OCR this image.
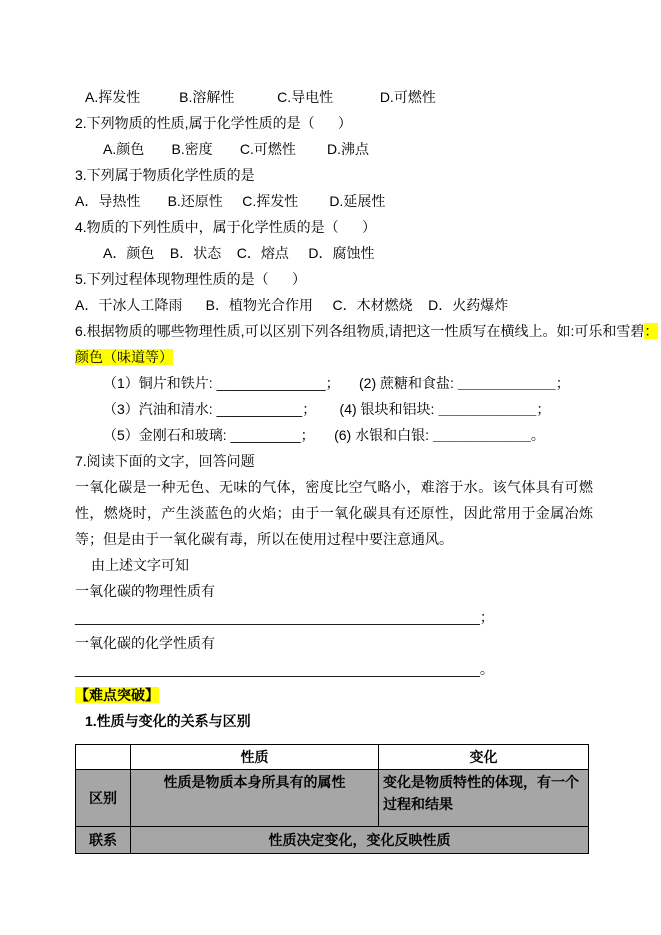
A.挥发性          B.溶解性           C.导电性            D.可燃性
2.下列物质的性质,属于化学性质的是（      ）
A.颜色       B.密度       C.可燃性        D.沸点
3.下列属于物质化学性质的是
A．导热性       B.还原性     C.挥发性        D.延展性
4.物质的下列性质中，属于化学性质的是（      ）
A．颜色    B．状态    C．熔点     D．腐蚀性
5.下列过程体现物理性质的是（      ）
A．干冰人工降雨      B．植物光合作用     C．木材燃烧    D．火药爆炸
6.根据物质的哪些物理性质,可以区别下列各组物质,请把这一性质写在横线上。如:可乐和雪碧：
颜色（味道等）
（1）铜片和铁片: ______________；     (2) 蔗糖和食盐: ＿＿＿＿＿＿＿；
（3）汽油和清水: ___________；      (4) 银块和铝块: ＿＿＿＿＿＿＿；
（5）金刚石和玻璃: _________；     (6) 水银和白银: ＿＿＿＿＿＿＿。
7.阅读下面的文字，回答问题
一氧化碳是一种无色、无味的气体，密度比空气略小，难溶于水。该气体具有可燃性，燃烧时，产生淡蓝色的火焰；由于一氧化碳具有还原性，因此常用于金属冶炼等；但是由于一氧化碳有毒，所以在使用过程中要注意通风。
由上述文字可知
一氧化碳的物理性质有____________________________________________________；
一氧化碳的化学性质有____________________________________________________。
【难点突破】
1.性质与变化的关系与区别
	性质	变化
区别	性质是物质本身所具有的属性	变化是物质特性的体现，有一个过程和结果
联系	性质决定变化，变化反映性质	
